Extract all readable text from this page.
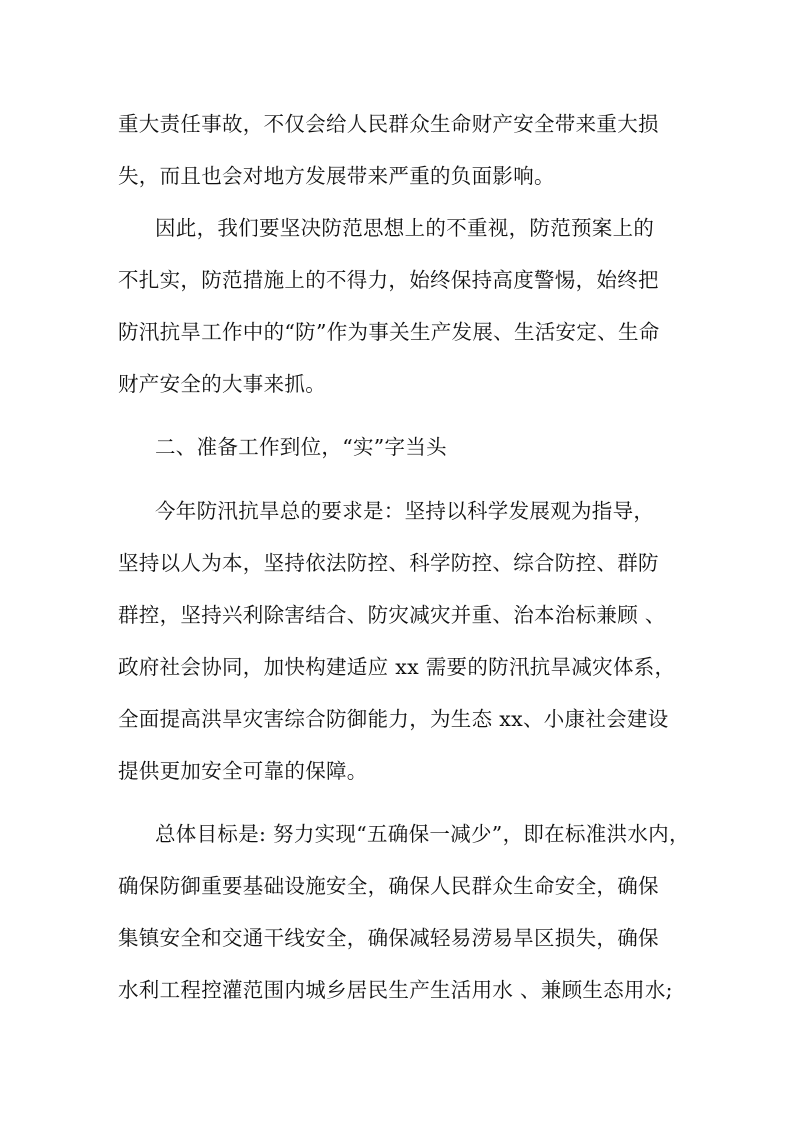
重大责任事故，不仅会给人民群众生命财产安全带来重大损
失，而且也会对地方发展带来严重的负面影响。
因此，我们要坚决防范思想上的不重视，防范预案上的
不扎实，防范措施上的不得力，始终保持高度警惕，始终把
防汛抗旱工作中的“防”作为事关生产发展、生活安定、生命
财产安全的大事来抓。
二、准备工作到位，“实”字当头
今年防汛抗旱总的要求是：坚持以科学发展观为指导，
坚持以人为本，坚持依法防控、科学防控、综合防控、群防
群控，坚持兴利除害结合、防灾减灾并重、治本治标兼顾 、
政府社会协同，加快构建适应 xx 需要的防汛抗旱减灾体系，
全面提高洪旱灾害综合防御能力，为生态 xx、小康社会建设
提供更加安全可靠的保障。
总体目标是: 努力实现“五确保一减少”，即在标准洪水内，
确保防御重要基础设施安全，确保人民群众生命安全，确保
集镇安全和交通干线安全，确保减轻易涝易旱区损失，确保
水利工程控灌范围内城乡居民生产生活用水 、兼顾生态用水;
